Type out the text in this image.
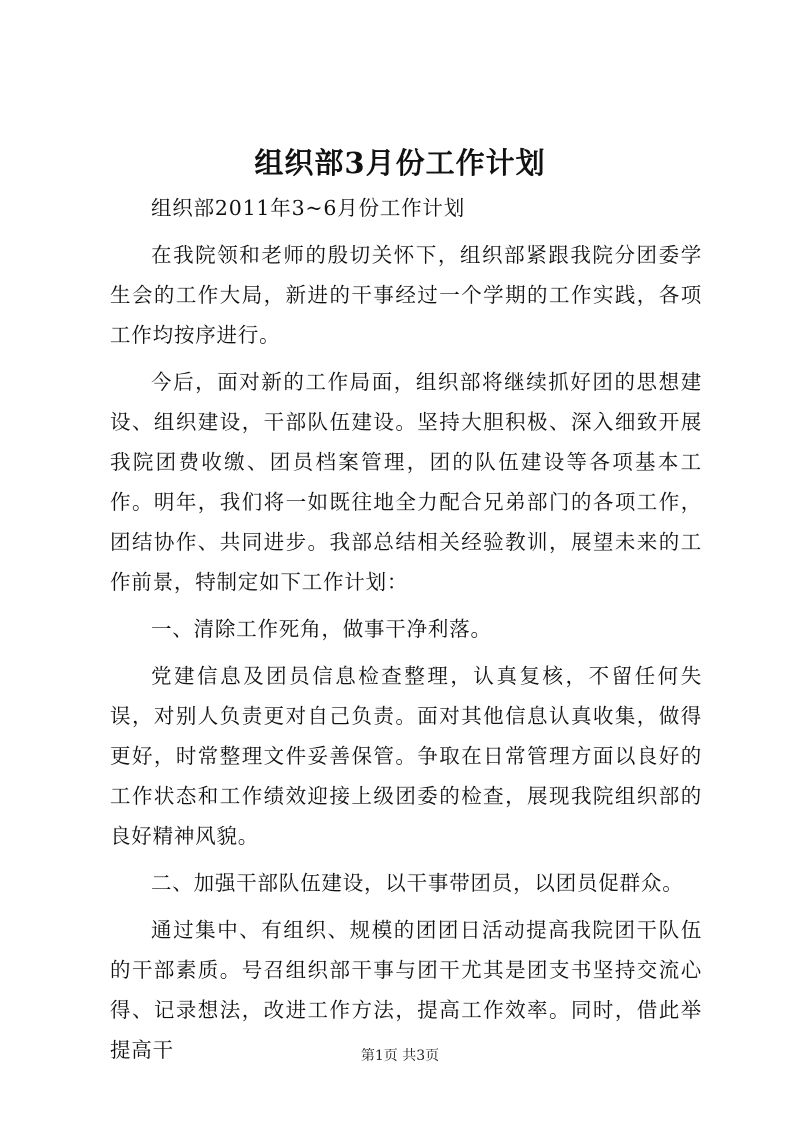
组织部3月份工作计划

组织部2011年3~6月份工作计划

在我院领和老师的殷切关怀下，组织部紧跟我院分团委学生会的工作大局，新进的干事经过一个学期的工作实践，各项工作均按序进行。

今后，面对新的工作局面，组织部将继续抓好团的思想建设、组织建设，干部队伍建设。坚持大胆积极、深入细致开展我院团费收缴、团员档案管理，团的队伍建设等各项基本工作。明年，我们将一如既往地全力配合兄弟部门的各项工作，团结协作、共同进步。我部总结相关经验教训，展望未来的工作前景，特制定如下工作计划：

一、清除工作死角，做事干净利落。

党建信息及团员信息检查整理，认真复核，不留任何失误，对别人负责更对自己负责。面对其他信息认真收集，做得更好，时常整理文件妥善保管。争取在日常管理方面以良好的工作状态和工作绩效迎接上级团委的检查，展现我院组织部的良好精神风貌。

二、加强干部队伍建设，以干事带团员，以团员促群众。

通过集中、有组织、规模的团团日活动提高我院团干队伍的干部素质。号召组织部干事与团干尤其是团支书坚持交流心得、记录想法，改进工作方法，提高工作效率。同时，借此举提高干	第1页 共3页
